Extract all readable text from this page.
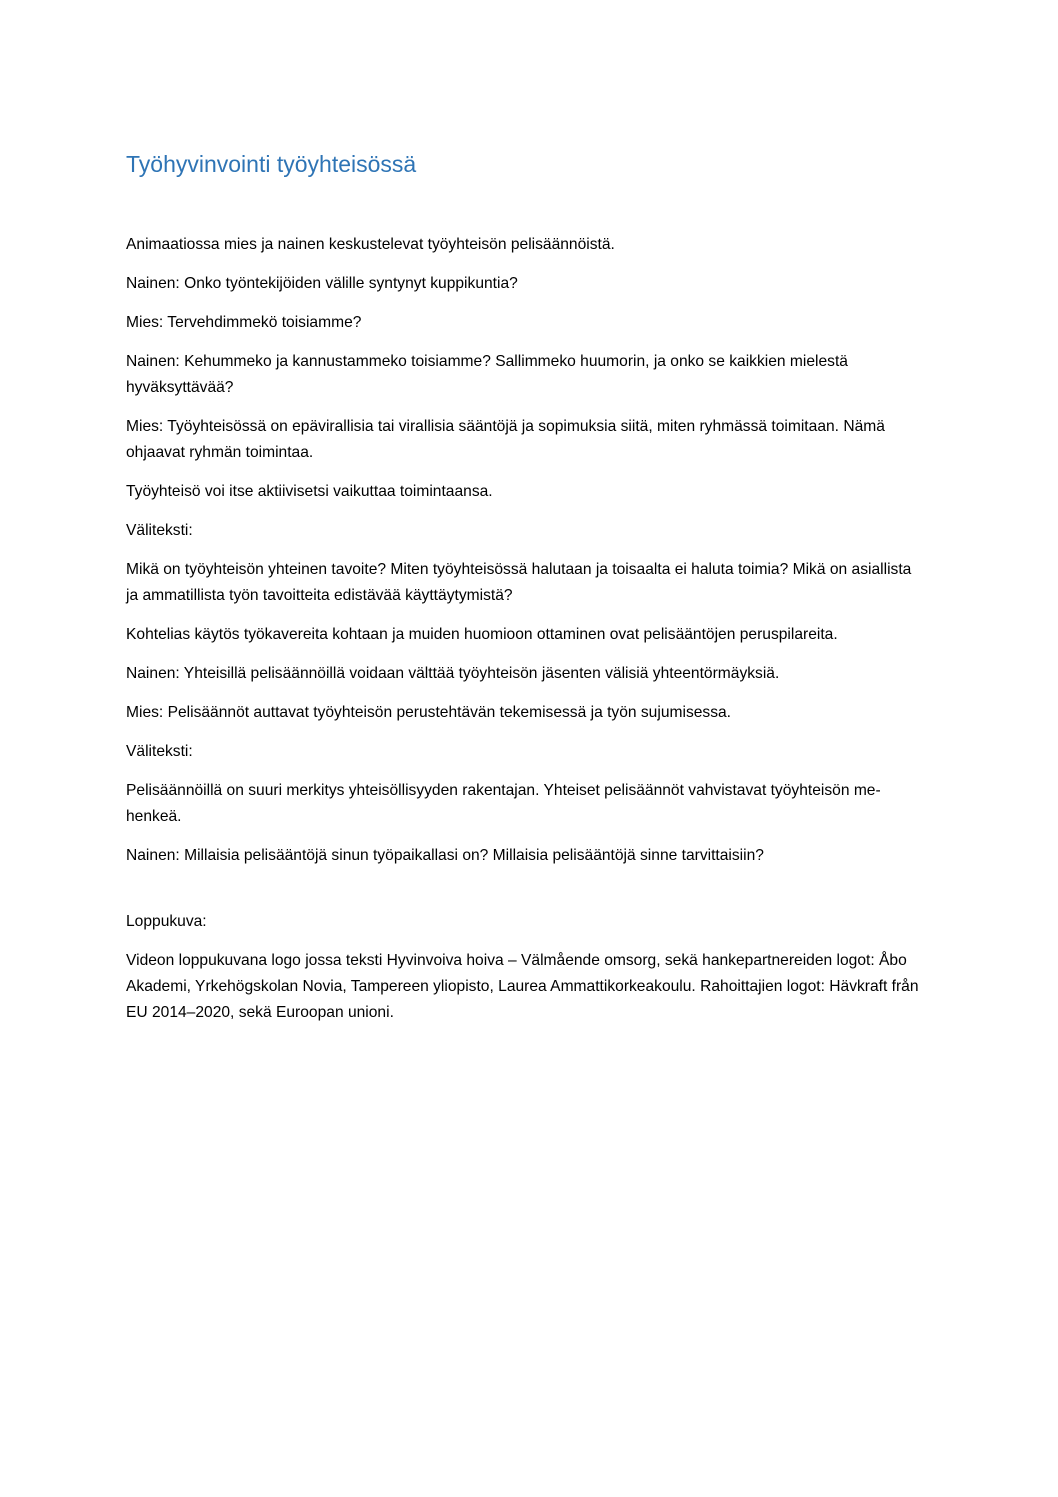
Työhyvinvointi työyhteisössä

Animaatiossa mies ja nainen keskustelevat työyhteisön pelisäännöistä.

Nainen: Onko työntekijöiden välille syntynyt kuppikuntia?

Mies: Tervehdimmekö toisiamme?

Nainen: Kehummeko ja kannustammeko toisiamme? Sallimmeko huumorin, ja onko se kaikkien mielestä hyväksyttävää?

Mies: Työyhteisössä on epävirallisia tai virallisia sääntöjä ja sopimuksia siitä, miten ryhmässä toimitaan. Nämä ohjaavat ryhmän toimintaa.

Työyhteisö voi itse aktiivisetsi vaikuttaa toimintaansa.

Väliteksti:

Mikä on työyhteisön yhteinen tavoite? Miten työyhteisössä halutaan ja toisaalta ei haluta toimia? Mikä on asiallista ja ammatillista työn tavoitteita edistävää käyttäytymistä?

Kohtelias käytös työkavereita kohtaan ja muiden huomioon ottaminen ovat pelisääntöjen peruspilareita.

Nainen: Yhteisillä pelisäännöillä voidaan välttää työyhteisön jäsenten välisiä yhteentörmäyksiä.

Mies: Pelisäännöt auttavat työyhteisön perustehtävän tekemisessä ja työn sujumisessa.

Väliteksti:

Pelisäännöillä on suuri merkitys yhteisöllisyyden rakentajan. Yhteiset pelisäännöt vahvistavat työyhteisön me-henkeä.

Nainen: Millaisia pelisääntöjä sinun työpaikallasi on? Millaisia pelisääntöjä sinne tarvittaisiin?

Loppukuva:

Videon loppukuvana logo jossa teksti Hyvinvoiva hoiva – Välmående omsorg, sekä hankepartnereiden logot: Åbo Akademi, Yrkehögskolan Novia, Tampereen yliopisto, Laurea Ammattikorkeakoulu. Rahoittajien logot: Hävkraft från EU 2014–2020, sekä Euroopan unioni.
